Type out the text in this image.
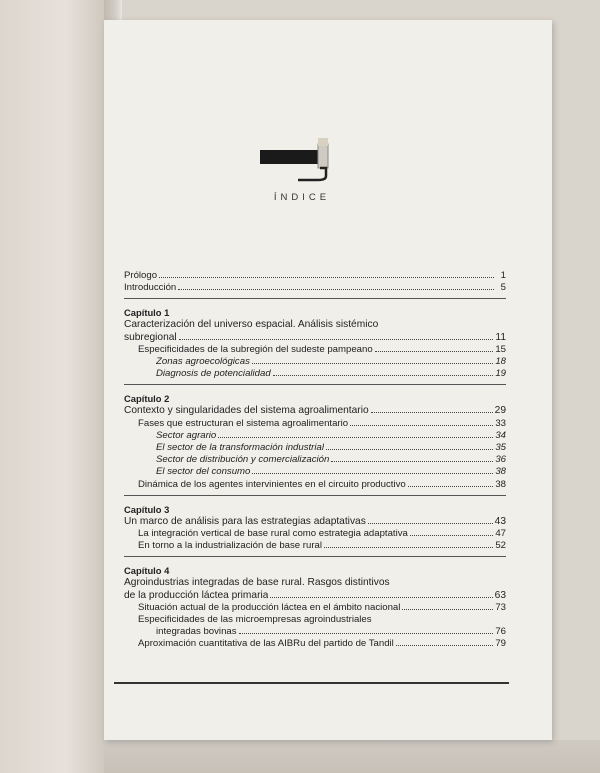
ÍNDICE
Prólogo	1
Introducción	5
Capítulo 1
Caracterización del universo espacial. Análisis sistémico
subregional	11
Especificidades de la subregión del sudeste pampeano	15
Zonas agroecológicas	18
Diagnosis de potencialidad	19
Capítulo 2
Contexto y singularidades del sistema agroalimentario	29
Fases que estructuran el sistema agroalimentario	33
Sector agrario	34
El sector de la transformación industrial	35
Sector de distribución y comercialización	36
El sector del consumo	38
Dinámica de los agentes intervinientes en el circuito productivo	38
Capítulo 3
Un marco de análisis para las estrategias adaptativas	43
La integración vertical de base rural como estrategia adaptativa	47
En torno a la industrialización de base rural	52
Capítulo 4
Agroindustrias integradas de base rural. Rasgos distintivos
de la producción láctea primaria	63
Situación actual de la producción láctea en el ámbito nacional	73
Especificidades de las microempresas agroindustriales
integradas bovinas	76
Aproximación cuantitativa de las AIBRu del partido de Tandil	79
